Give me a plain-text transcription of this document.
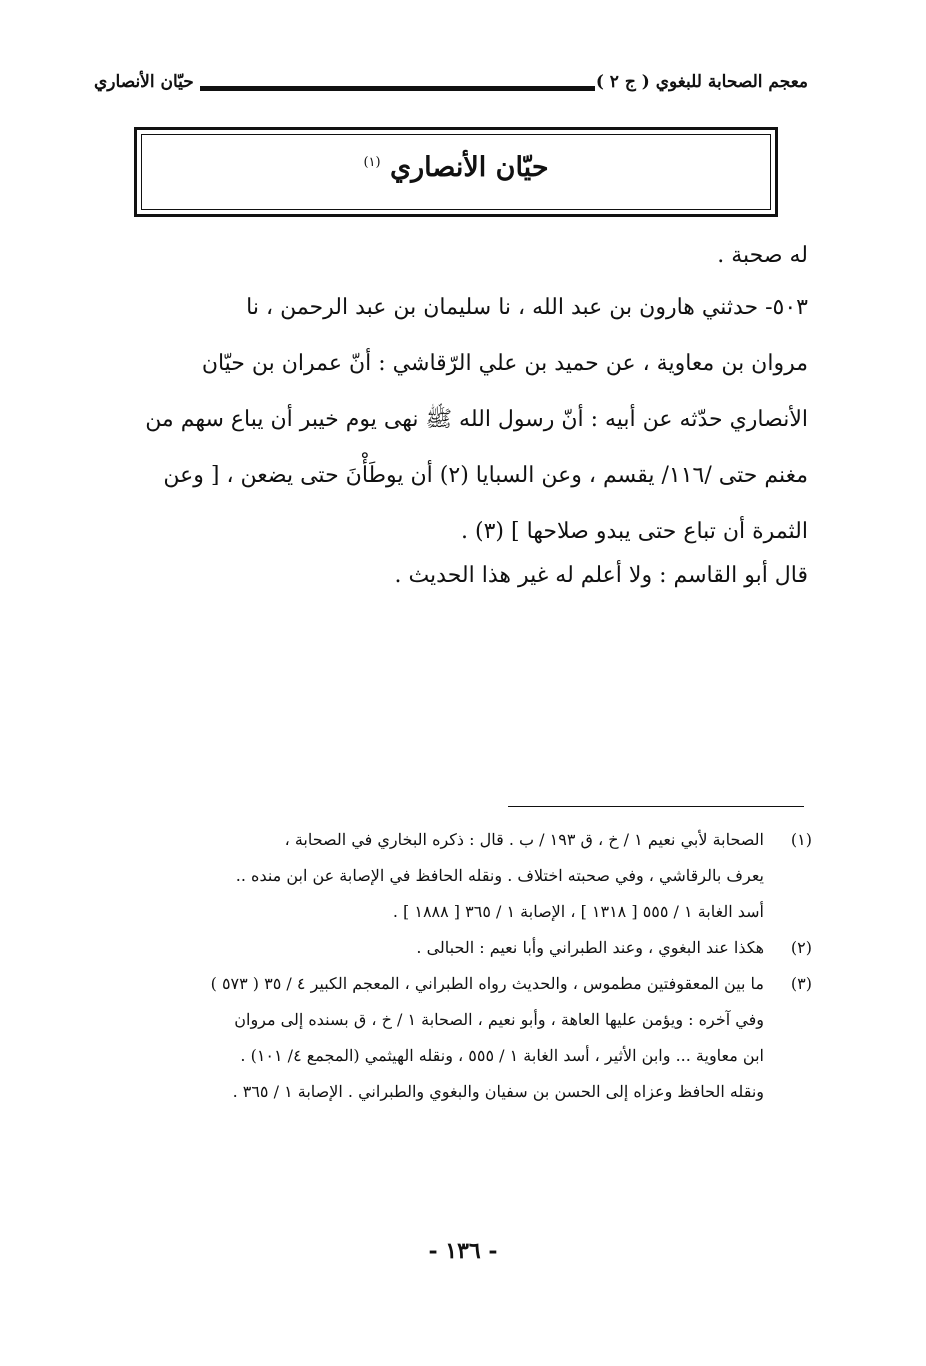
معجم الصحابة للبغوي ( ج ٢ )
حيّان الأنصاري
حيّان الأنصاري $^{(١)}$
له صحبة .
٥٠٣- حدثني هارون بن عبد الله ، نا سليمان بن عبد الرحمن ، نا
مروان بن معاوية ، عن حميد بن علي الرّقاشي : أنّ عمران بن حيّان
الأنصاري حدّثه عن أبيه : أنّ رسول الله ﷺ نهى يوم خيبر أن يباع سهم من
مغنم حتى /١١٦/ يقسم ، وعن السبايا (٢) أن يوطَأْنَ حتى يضعن ، [ وعن
الثمرة أن تباع حتى يبدو صلاحها ] (٣) .
قال أبو القاسم : ولا أعلم له غير هذا الحديث .
(١)
الصحابة لأبي نعيم ١ / خ ، ق ١٩٣ / ب . قال : ذكره البخاري في الصحابة ،
يعرف بالرقاشي ، وفي صحبته اختلاف . ونقله الحافظ في الإصابة عن ابن منده ..
أسد الغابة ١ / ٥٥٥ [ ١٣١٨ ] ، الإصابة ١ / ٣٦٥ [ ١٨٨٨ ] .
(٢)
هكذا عند البغوي ، وعند الطبراني وأبا نعيم : الحبالى .
(٣)
ما بين المعقوفتين مطموس ، والحديث رواه الطبراني ، المعجم الكبير ٤ / ٣٥ ( ٥٧٣ )
وفي آخره : ويؤمن عليها العاهة ، وأبو نعيم ، الصحابة ١ / خ ، ق بسنده إلى مروان
ابن معاوية ... وابن الأثير ، أسد الغابة ١ / ٥٥٥ ، ونقله الهيثمي (المجمع ٤/ ١٠١) .
ونقله الحافظ وعزاه إلى الحسن بن سفيان والبغوي والطبراني . الإصابة ١ / ٣٦٥ .
- ١٣٦ -
